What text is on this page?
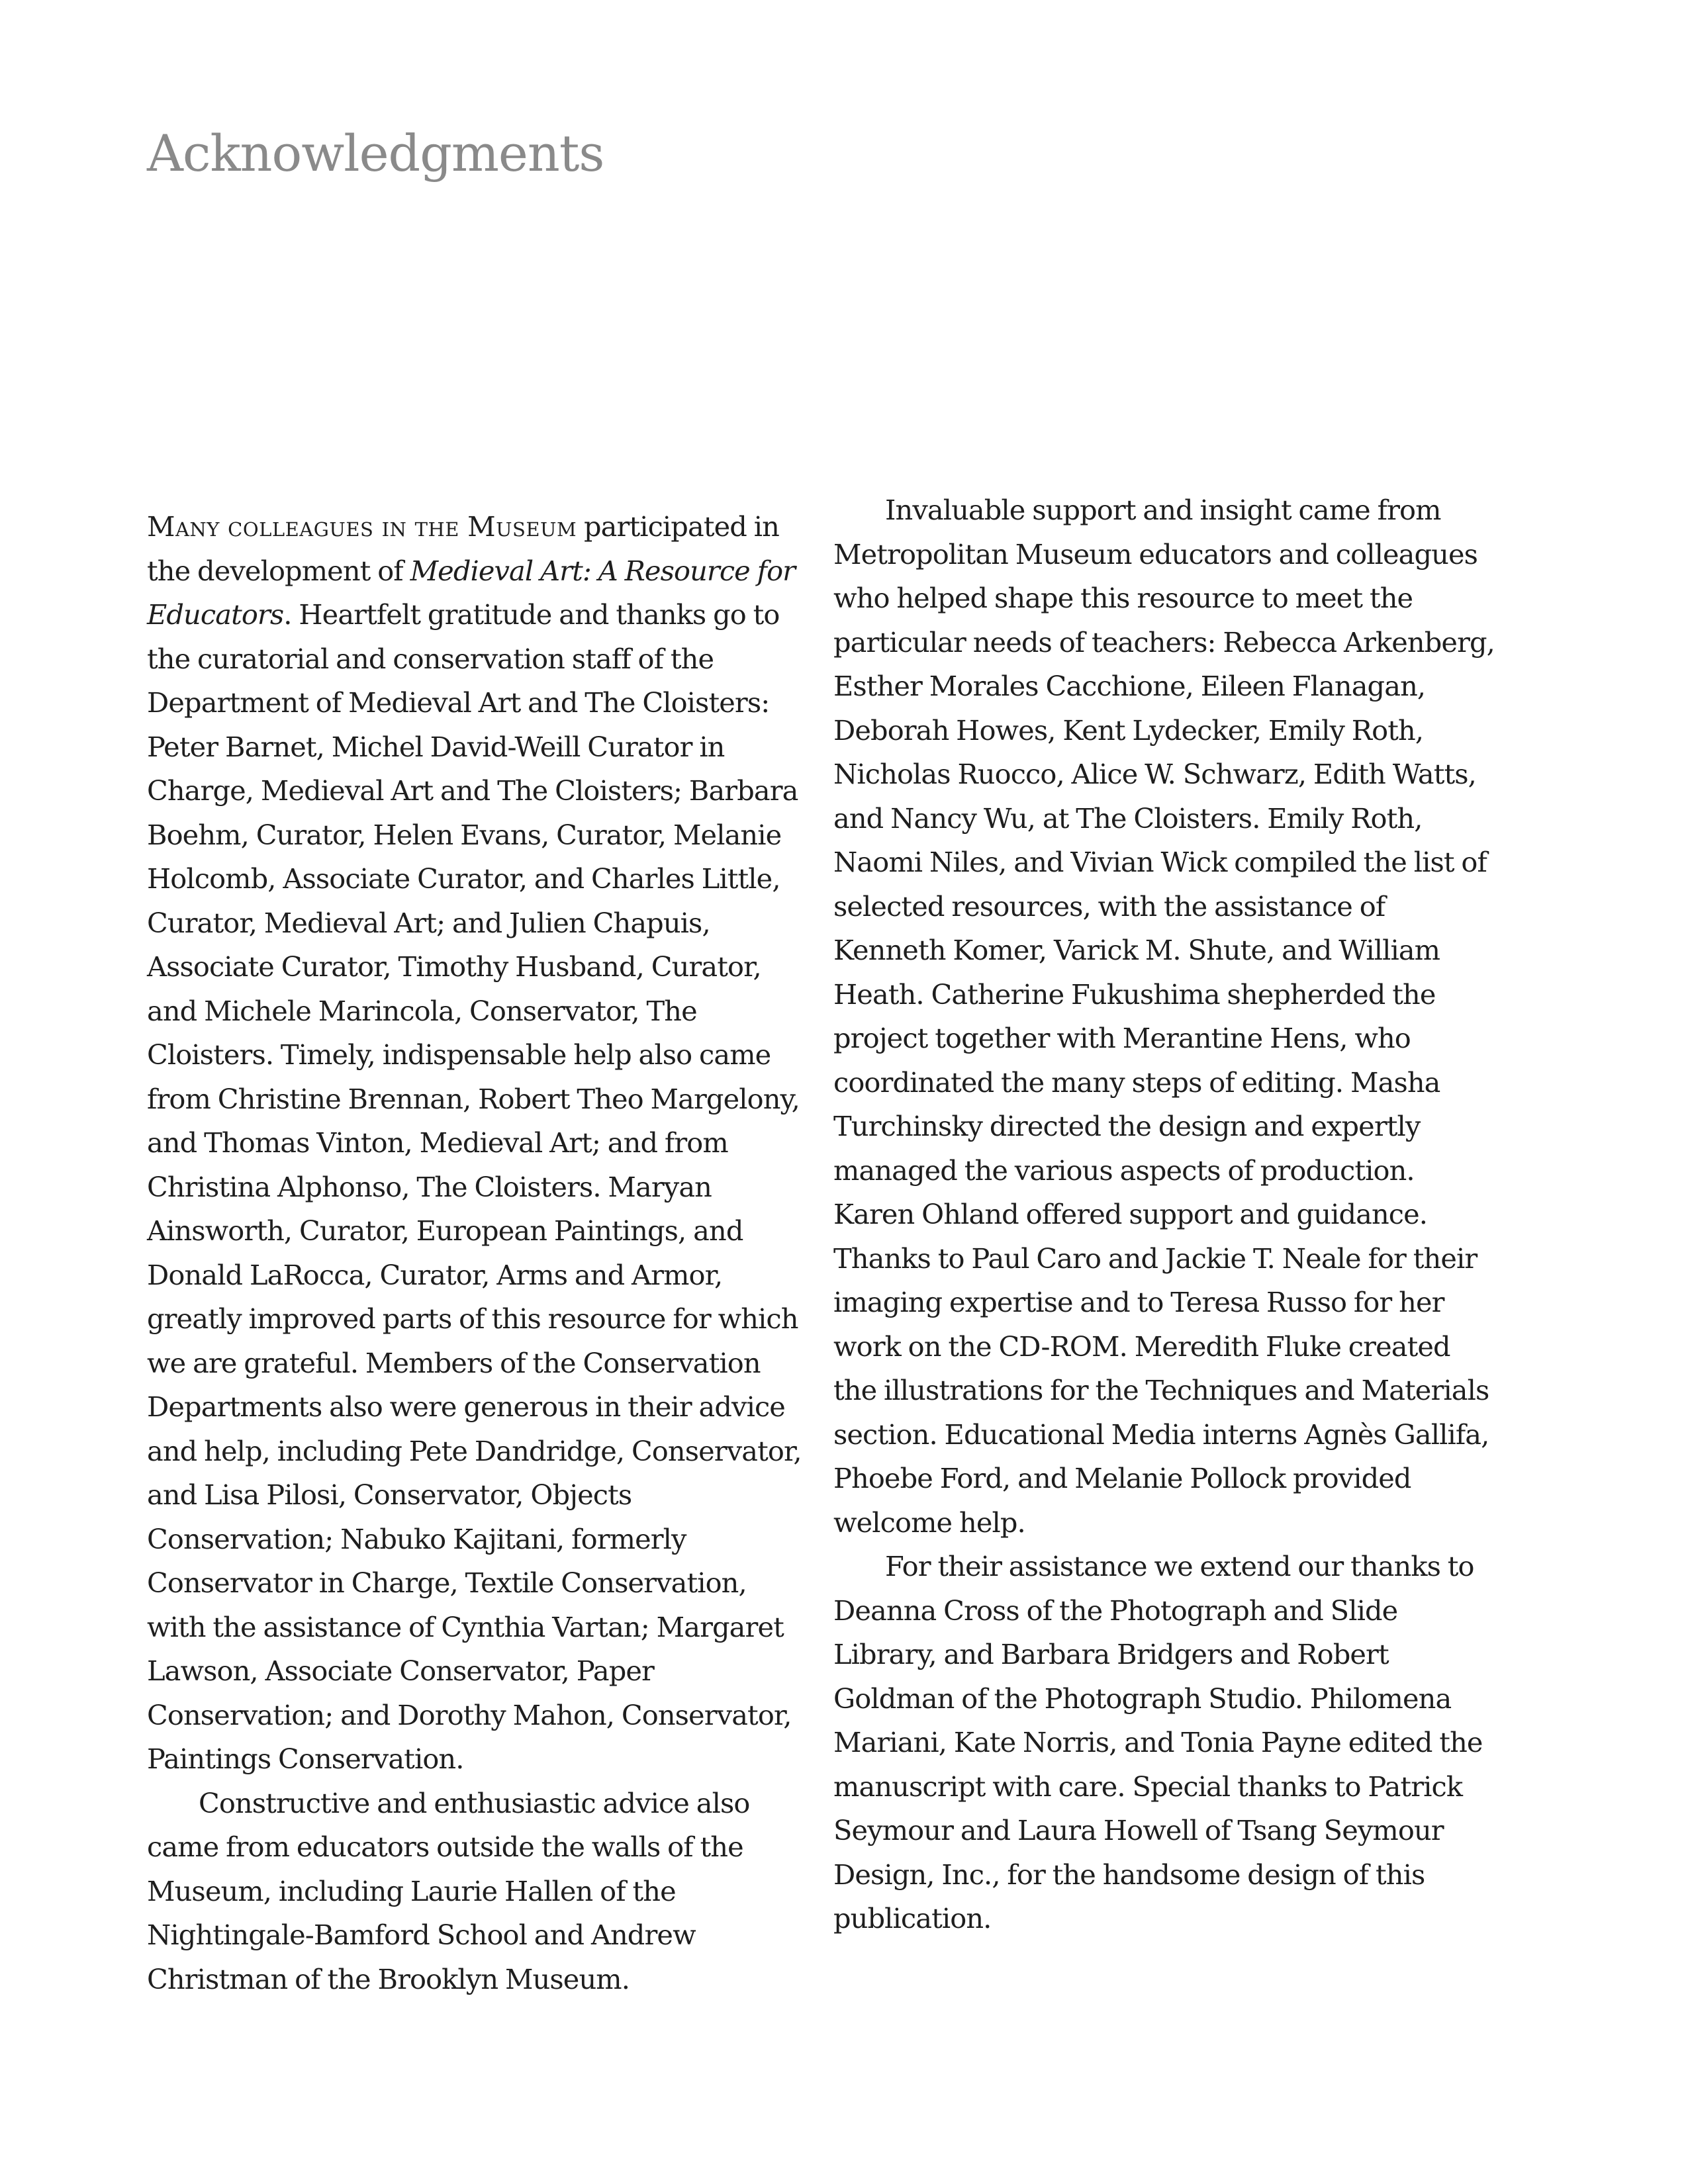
Acknowledgments

Many colleagues in the Museum participated in the development of Medieval Art: A Resource for Educators. Heartfelt gratitude and thanks go to the curatorial and conservation staff of the Department of Medieval Art and The Cloisters: Peter Barnet, Michel David-Weill Curator in Charge, Medieval Art and The Cloisters; Barbara Boehm, Curator, Helen Evans, Curator, Melanie Holcomb, Associate Curator, and Charles Little, Curator, Medieval Art; and Julien Chapuis, Associate Curator, Timothy Husband, Curator, and Michele Marincola, Conservator, The Cloisters. Timely, indispensable help also came from Christine Brennan, Robert Theo Margelony, and Thomas Vinton, Medieval Art; and from Christina Alphonso, The Cloisters. Maryan Ainsworth, Curator, European Paintings, and Donald LaRocca, Curator, Arms and Armor, greatly improved parts of this resource for which we are grateful. Members of the Conservation Departments also were generous in their advice and help, including Pete Dandridge, Conservator, and Lisa Pilosi, Conservator, Objects Conservation; Nabuko Kajitani, formerly Conservator in Charge, Textile Conservation, with the assistance of Cynthia Vartan; Margaret Lawson, Associate Conservator, Paper Conservation; and Dorothy Mahon, Conservator, Paintings Conservation.

Constructive and enthusiastic advice also came from educators outside the walls of the Museum, including Laurie Hallen of the Nightingale-Bamford School and Andrew Christman of the Brooklyn Museum.

Invaluable support and insight came from Metropolitan Museum educators and colleagues who helped shape this resource to meet the particular needs of teachers: Rebecca Arkenberg, Esther Morales Cacchione, Eileen Flanagan, Deborah Howes, Kent Lydecker, Emily Roth, Nicholas Ruocco, Alice W. Schwarz, Edith Watts, and Nancy Wu, at The Cloisters. Emily Roth, Naomi Niles, and Vivian Wick compiled the list of selected resources, with the assistance of Kenneth Komer, Varick M. Shute, and William Heath. Catherine Fukushima shepherded the project together with Merantine Hens, who coordinated the many steps of editing. Masha Turchinsky directed the design and expertly managed the various aspects of production. Karen Ohland offered support and guidance. Thanks to Paul Caro and Jackie T. Neale for their imaging expertise and to Teresa Russo for her work on the CD-ROM. Meredith Fluke created the illustrations for the Techniques and Materials section. Educational Media interns Agnès Gallifa, Phoebe Ford, and Melanie Pollock provided welcome help.

For their assistance we extend our thanks to Deanna Cross of the Photograph and Slide Library, and Barbara Bridgers and Robert Goldman of the Photograph Studio. Philomena Mariani, Kate Norris, and Tonia Payne edited the manuscript with care. Special thanks to Patrick Seymour and Laura Howell of Tsang Seymour Design, Inc., for the handsome design of this publication.
